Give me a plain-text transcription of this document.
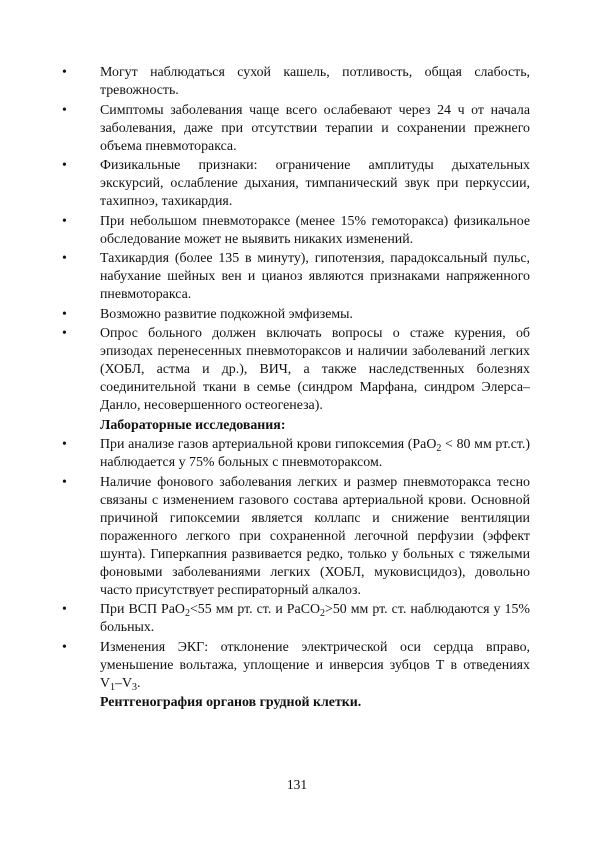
•	Могут наблюдаться сухой кашель, потливость, общая слабость, тревожность.
•	Симптомы заболевания чаще всего ослабевают через 24 ч от начала заболевания, даже при отсутствии терапии и сохранении прежнего объема пневмоторакса.
•	Физикальные признаки: ограничение амплитуды дыхательных экскурсий, ослабление дыхания, тимпанический звук при перкуссии, тахипноэ, тахикардия.
•	При небольшом пневмотораксе (менее 15% гемоторакса) физикальное обследование может не выявить никаких изменений.
•	Тахикардия (более 135 в минуту), гипотензия, парадоксальный пульс, набухание шейных вен и цианоз являются признаками напряженного пневмоторакса.
•	Возможно развитие подкожной эмфиземы.
•	Опрос больного должен включать вопросы о стаже курения, об эпизодах перенесенных пневмотораксов и наличии заболеваний легких (ХОБЛ, астма и др.), ВИЧ, а также наследственных болезнях соединительной ткани в семье (синдром Марфана, синдром Элерса–Данло, несовершенного остеогенеза).
Лабораторные исследования:
•	При анализе газов артериальной крови гипоксемия (PaO$_2$ < 80 мм рт.ст.) наблюдается у 75% больных с пневмотораксом.
•	Наличие фонового заболевания легких и размер пневмоторакса тесно связаны с изменением газового состава артериальной крови. Основной причиной гипоксемии является коллапс и снижение вентиляции пораженного легкого при сохраненной легочной перфузии (эффект шунта). Гиперкапния развивается редко, только у больных с тяжелыми фоновыми заболеваниями легких (ХОБЛ, муковисцидоз), довольно часто присутствует респираторный алкалоз.
•	При ВСП PaO$_2$<55 мм рт. ст. и PaCO$_2$>50 мм рт. ст. наблюдаются у 15% больных.
•	Изменения ЭКГ: отклонение электрической оси сердца вправо, уменьшение вольтажа, уплощение и инверсия зубцов Т в отведениях $V_1-V_3$.
Рентгенография органов грудной клетки.
131
